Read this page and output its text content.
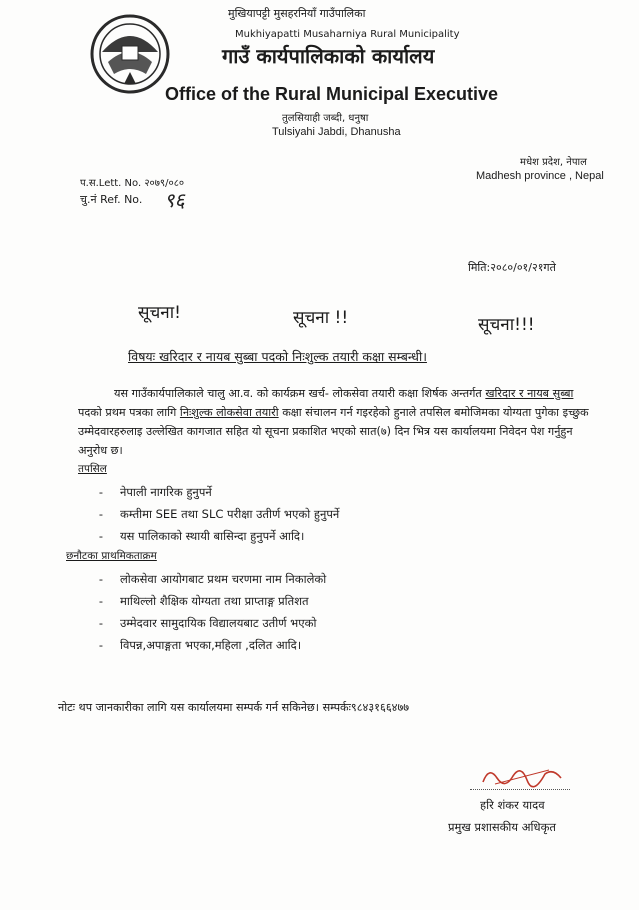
मुखियापट्टी मुसहरनियाँ गाउँपालिका
Mukhiyapatti Musaharniya Rural Municipality
गाउँ कार्यपालिकाको कार्यालय
Office of the Rural Municipal Executive
तुलसियाही जब्दी, धनुषा
Tulsiyahi Jabdi, Dhanusha
मधेश प्रदेश, नेपाल
Madhesh province , Nepal
प.स.Lett. No. २०७९/०८०
चु.नं Ref. No. ९६
मिति:२०८०/०१/२१गते
सूचना!	सूचना !!	सूचना!!!
विषयः खरिदार र नायब सुब्बा पदको निःशुल्क तयारी कक्षा सम्बन्धी।

यस गाउँकार्यपालिकाले चालु आ.व. को कार्यक्रम खर्च- लोकसेवा तयारी कक्षा शिर्षक अन्तर्गत खरिदार र नायब सुब्बा पदको प्रथम पत्रका लागि निःशुल्क लोकसेवा तयारी कक्षा संचालन गर्न गइरहेको हुनाले तपसिल बमोजिमका योग्यता पुगेका इच्छुक उम्मेदवारहरुलाइ उल्लेखित कागजात सहित यो सूचना प्रकाशित भएको सात(७) दिन भित्र यस कार्यालयमा निवेदन पेश गर्नुहुन अनुरोध छ।

तपसिल
- नेपाली नागरिक हुनुपर्ने
- कम्तीमा SEE तथा SLC परीक्षा उतीर्ण भएको हुनुपर्ने
- यस पालिकाको स्थायी बासिन्दा हुनुपर्ने आदि।
छनौटका प्राथमिकताक्रम
- लोकसेवा आयोगबाट प्रथम चरणमा नाम निकालेको
- माथिल्लो शैक्षिक योग्यता तथा प्राप्ताङ्ग प्रतिशत
- उम्मेदवार सामुदायिक विद्यालयबाट उतीर्ण भएको
- विपन्न,अपाङ्गता भएका,महिला ,दलित आदि।
नोटः थप जानकारीका लागि यस कार्यालयमा सम्पर्क गर्न सकिनेछ। सम्पर्कः९८४३१६६४७७
हरि शंकर यादव
प्रमुख प्रशासकीय अधिकृत
